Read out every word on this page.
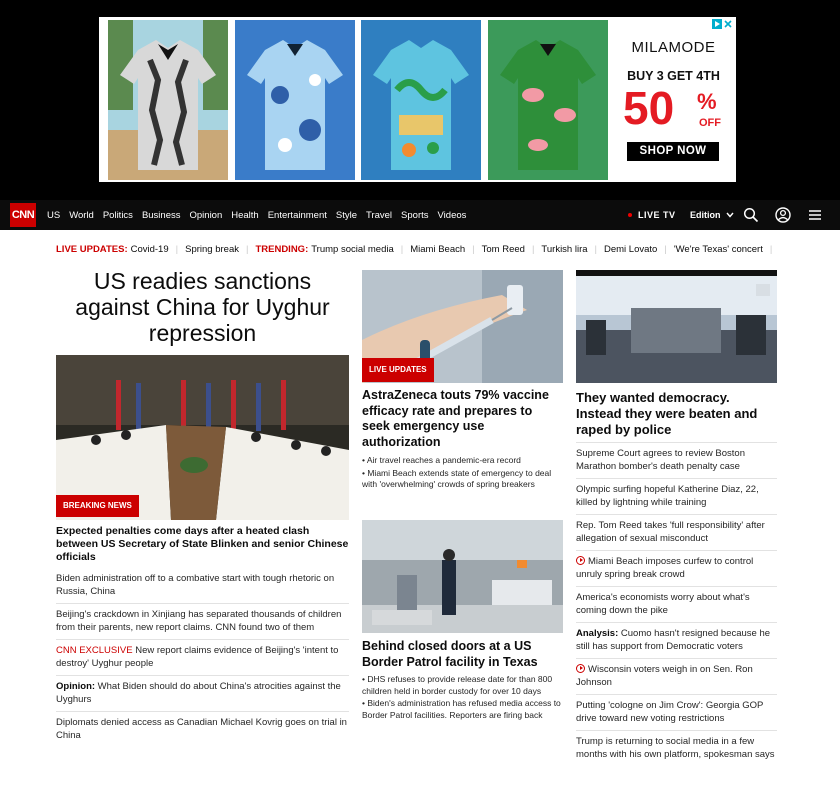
MILAMODE
BUY 3 GET 4TH
50 %
OFF
SHOP NOW
CNN US World Politics Business Opinion Health Entertainment Style Travel Sports Videos	LIVE TV Edition
LIVE UPDATES: Covid-19 | Spring break | TRENDING: Trump social media | Miami Beach | Tom Reed | Turkish lira | Demi Lovato | 'We're Texas' concert |
US readies sanctions against China for Uyghur repression
BREAKING NEWS
Expected penalties come days after a heated clash between US Secretary of State Blinken and senior Chinese officials
Biden administration off to a combative start with tough rhetoric on Russia, China
Beijing's crackdown in Xinjiang has separated thousands of children from their parents, new report claims. CNN found two of them
CNN EXCLUSIVE New report claims evidence of Beijing's 'intent to destroy' Uyghur people
Opinion: What Biden should do about China's atrocities against the Uyghurs
Diplomats denied access as Canadian Michael Kovrig goes on trial in China
LIVE UPDATES
AstraZeneca touts 79% vaccine efficacy rate and prepares to seek emergency use authorization
• Air travel reaches a pandemic-era record
• Miami Beach extends state of emergency to deal with 'overwhelming' crowds of spring breakers
Behind closed doors at a US Border Patrol facility in Texas
• DHS refuses to provide release date for than 800 children held in border custody for over 10 days
• Biden's administration has refused media access to Border Patrol facilities. Reporters are firing back
They wanted democracy. Instead they were beaten and raped by police
Supreme Court agrees to review Boston Marathon bomber's death penalty case
Olympic surfing hopeful Katherine Diaz, 22, killed by lightning while training
Rep. Tom Reed takes 'full responsibility' after allegation of sexual misconduct
Miami Beach imposes curfew to control unruly spring break crowd
America's economists worry about what's coming down the pike
Analysis: Cuomo hasn't resigned because he still has support from Democratic voters
Wisconsin voters weigh in on Sen. Ron Johnson
Putting 'cologne on Jim Crow': Georgia GOP drive toward new voting restrictions
Trump is returning to social media in a few months with his own platform, spokesman says
